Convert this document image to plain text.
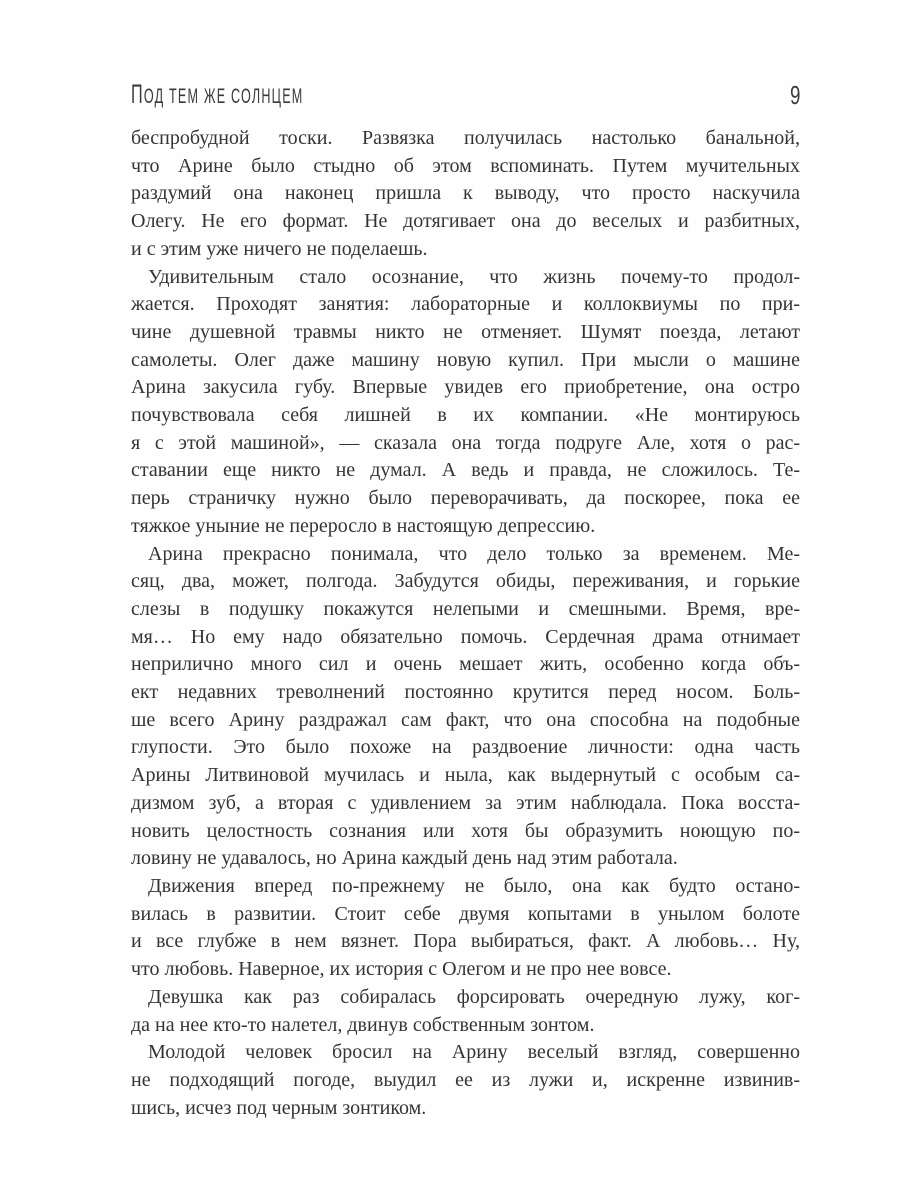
ПОД ТЕМ ЖЕ СОЛНЦЕМ	9
беспробудной тоски. Развязка получилась настолько банальной,
что Арине было стыдно об этом вспоминать. Путем мучительных
раздумий она наконец пришла к выводу, что просто наскучила
Олегу. Не его формат. Не дотягивает она до веселых и разбитных,
и с этим уже ничего не поделаешь.
Удивительным стало осознание, что жизнь почему-то продол-
жается. Проходят занятия: лабораторные и коллоквиумы по при-
чине душевной травмы никто не отменяет. Шумят поезда, летают
самолеты. Олег даже машину новую купил. При мысли о машине
Арина закусила губу. Впервые увидев его приобретение, она остро
почувствовала себя лишней в их компании. «Не монтируюсь
я с этой машиной», — сказала она тогда подруге Але, хотя о рас-
ставании еще никто не думал. А ведь и правда, не сложилось. Те-
перь страничку нужно было переворачивать, да поскорее, пока ее
тяжкое уныние не переросло в настоящую депрессию.
Арина прекрасно понимала, что дело только за временем. Ме-
сяц, два, может, полгода. Забудутся обиды, переживания, и горькие
слезы в подушку покажутся нелепыми и смешными. Время, вре-
мя… Но ему надо обязательно помочь. Сердечная драма отнимает
неприлично много сил и очень мешает жить, особенно когда объ-
ект недавних треволнений постоянно крутится перед носом. Боль-
ше всего Арину раздражал сам факт, что она способна на подобные
глупости. Это было похоже на раздвоение личности: одна часть
Арины Литвиновой мучилась и ныла, как выдернутый с особым са-
дизмом зуб, а вторая с удивлением за этим наблюдала. Пока восста-
новить целостность сознания или хотя бы образумить ноющую по-
ловину не удавалось, но Арина каждый день над этим работала.
Движения вперед по-прежнему не было, она как будто остано-
вилась в развитии. Стоит себе двумя копытами в унылом болоте
и все глубже в нем вязнет. Пора выбираться, факт. А любовь… Ну,
что любовь. Наверное, их история с Олегом и не про нее вовсе.
Девушка как раз собиралась форсировать очередную лужу, ког-
да на нее кто-то налетел, двинув собственным зонтом.
Молодой человек бросил на Арину веселый взгляд, совершенно
не подходящий погоде, выудил ее из лужи и, искренне извинив-
шись, исчез под черным зонтиком.
